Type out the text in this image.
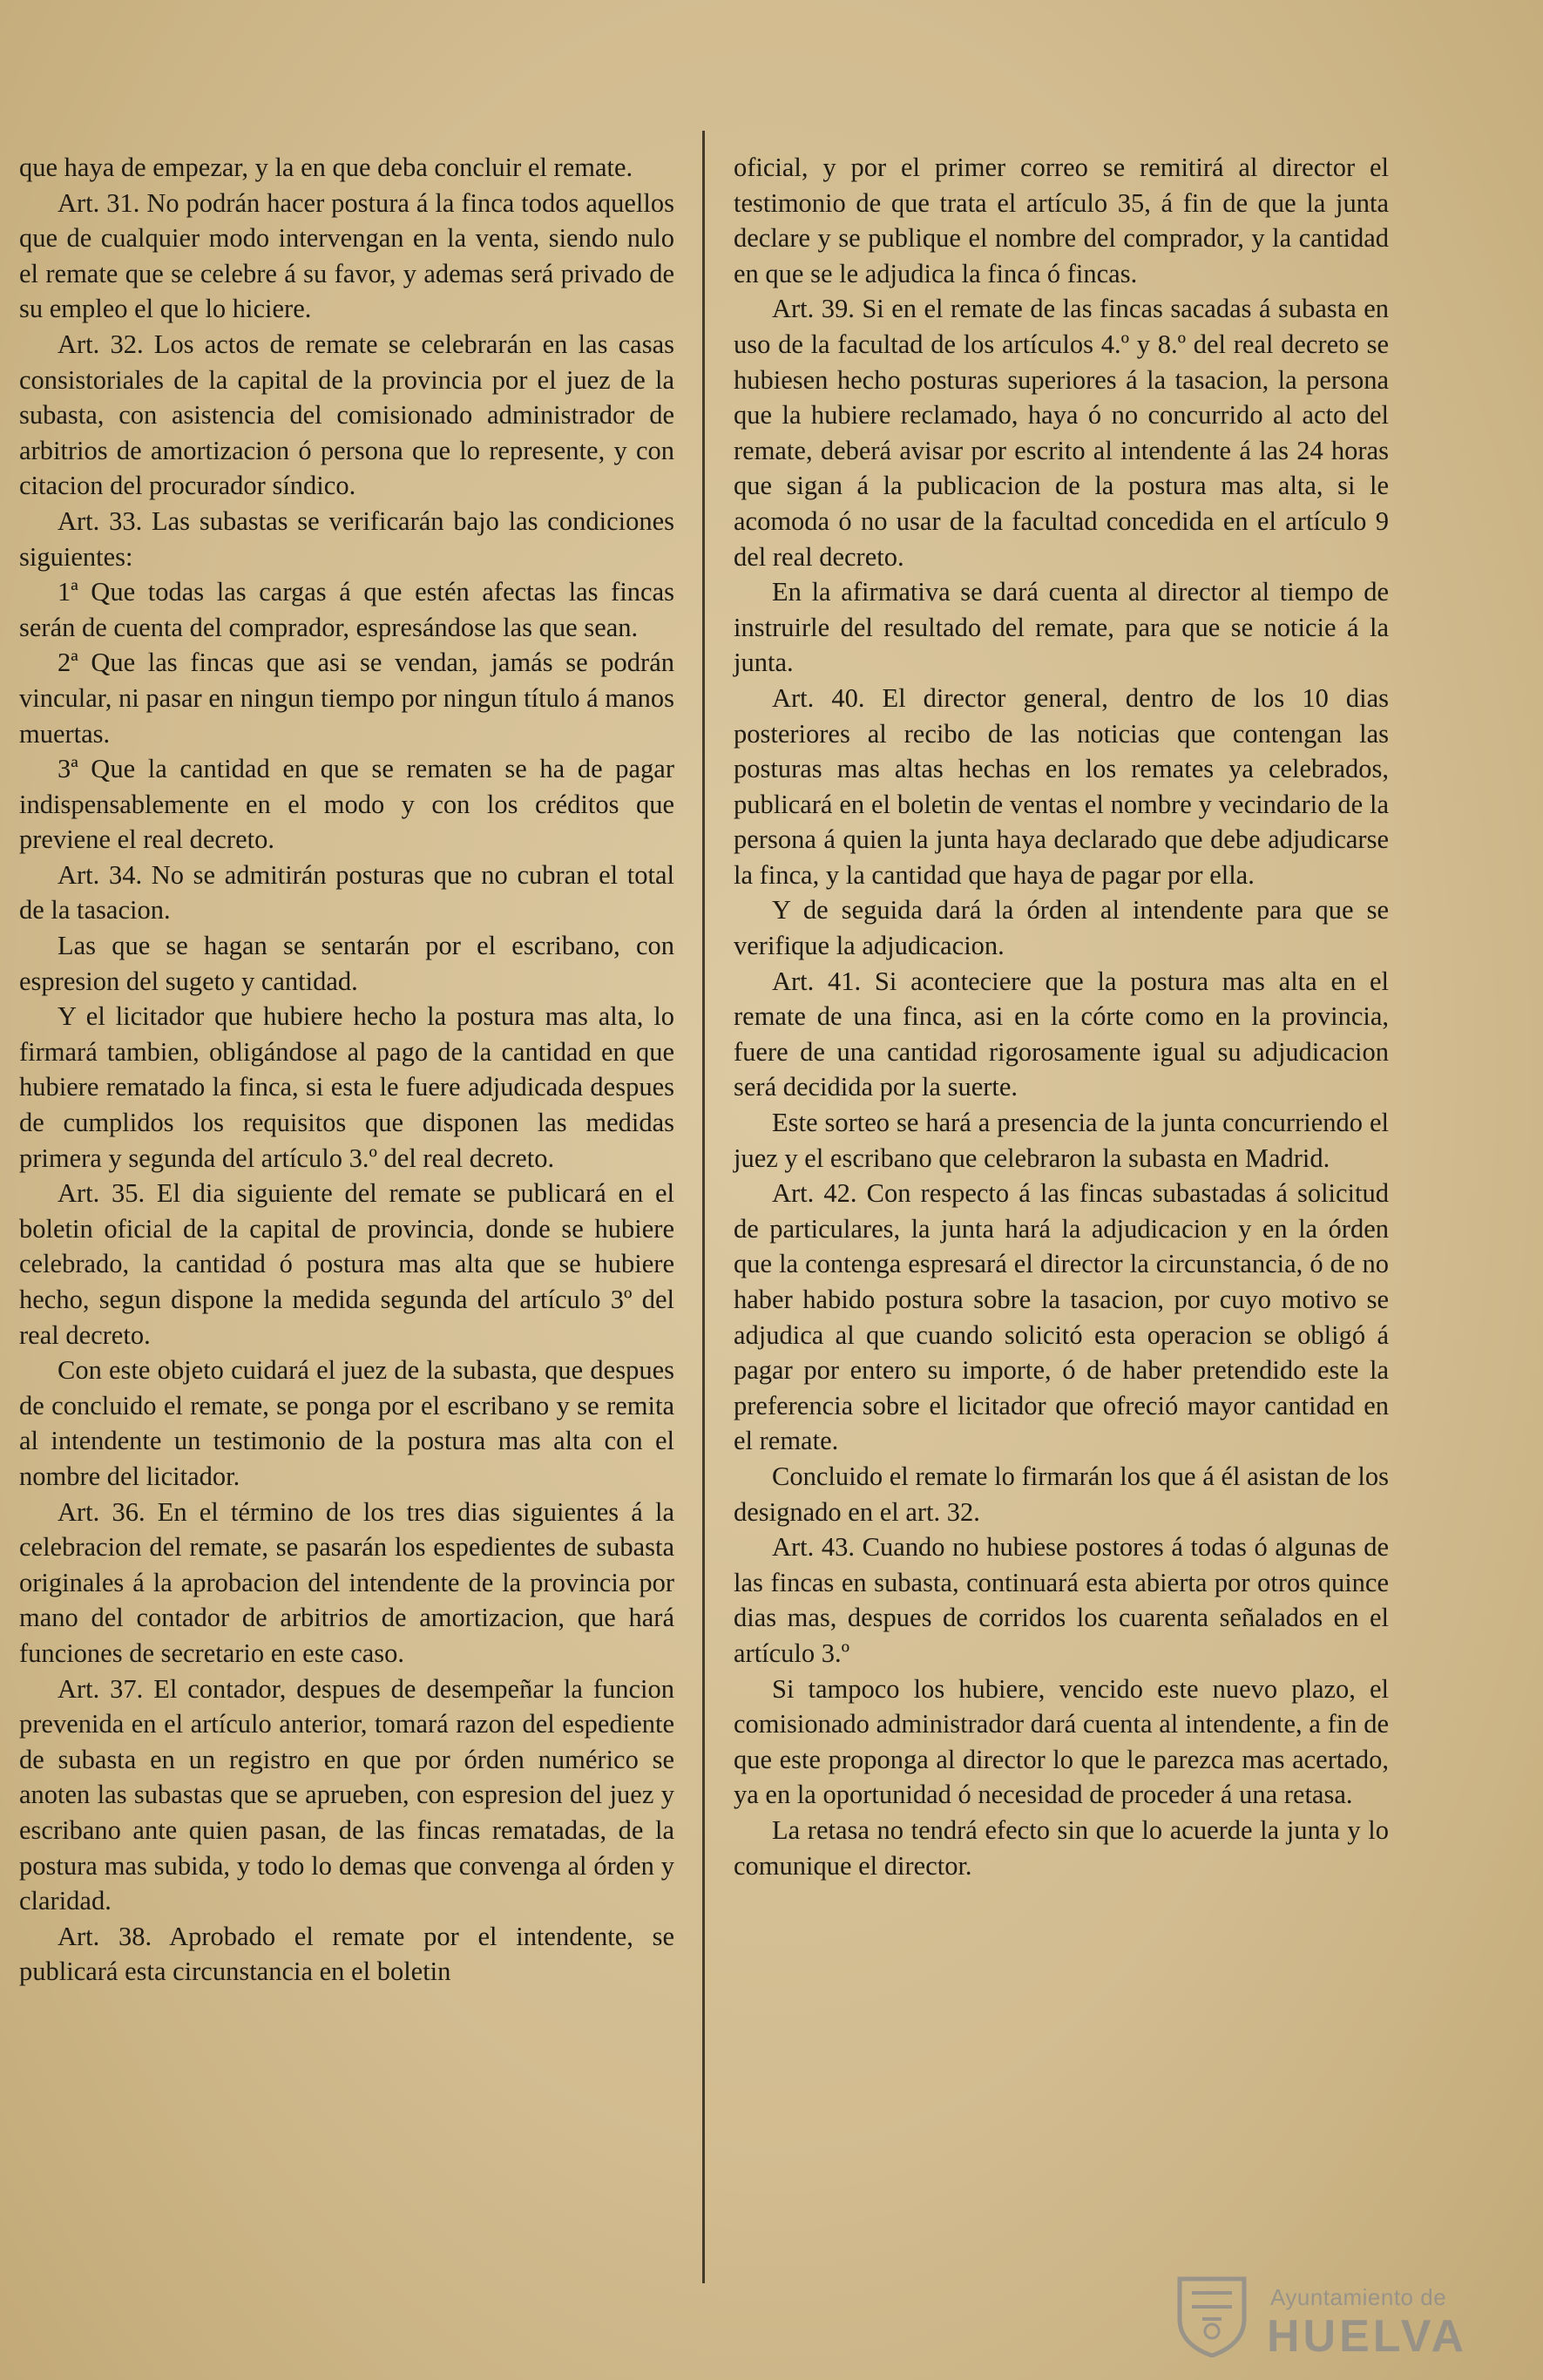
que haya de empezar, y la en que deba concluir el remate.

Art. 31. No podrán hacer postura á la finca todos aquellos que de cualquier modo intervengan en la venta, siendo nulo el remate que se celebre á su favor, y ademas será privado de su empleo el que lo hiciere.

Art. 32. Los actos de remate se celebrarán en las casas consistoriales de la capital de la provincia por el juez de la subasta, con asistencia del comisionado administrador de arbitrios de amortizacion ó persona que lo represente, y con citacion del procurador síndico.

Art. 33. Las subastas se verificarán bajo las condiciones siguientes:

1ª Que todas las cargas á que estén afectas las fincas serán de cuenta del comprador, espresándose las que sean.

2ª Que las fincas que asi se vendan, jamás se podrán vincular, ni pasar en ningun tiempo por ningun título á manos muertas.

3ª Que la cantidad en que se rematen se ha de pagar indispensablemente en el modo y con los créditos que previene el real decreto.

Art. 34. No se admitirán posturas que no cubran el total de la tasacion.

Las que se hagan se sentarán por el escribano, con espresion del sugeto y cantidad.

Y el licitador que hubiere hecho la postura mas alta, lo firmará tambien, obligándose al pago de la cantidad en que hubiere rematado la finca, si esta le fuere adjudicada despues de cumplidos los requisitos que disponen las medidas primera y segunda del artículo 3.º del real decreto.

Art. 35. El dia siguiente del remate se publicará en el boletin oficial de la capital de provincia, donde se hubiere celebrado, la cantidad ó postura mas alta que se hubiere hecho, segun dispone la medida segunda del artículo 3º del real decreto.

Con este objeto cuidará el juez de la subasta, que despues de concluido el remate, se ponga por el escribano y se remita al intendente un testimonio de la postura mas alta con el nombre del licitador.

Art. 36. En el término de los tres dias siguientes á la celebracion del remate, se pasarán los espedientes de subasta originales á la aprobacion del intendente de la provincia por mano del contador de arbitrios de amortizacion, que hará funciones de secretario en este caso.

Art. 37. El contador, despues de desempeñar la funcion prevenida en el artículo anterior, tomará razon del espediente de subasta en un registro en que por órden numérico se anoten las subastas que se aprueben, con espresion del juez y escribano ante quien pasan, de las fincas rematadas, de la postura mas subida, y todo lo demas que convenga al órden y claridad.

Art. 38. Aprobado el remate por el intendente, se publicará esta circunstancia en el boletin

oficial, y por el primer correo se remitirá al director el testimonio de que trata el artículo 35, á fin de que la junta declare y se publique el nombre del comprador, y la cantidad en que se le adjudica la finca ó fincas.

Art. 39. Si en el remate de las fincas sacadas á subasta en uso de la facultad de los artículos 4.º y 8.º del real decreto se hubiesen hecho posturas superiores á la tasacion, la persona que la hubiere reclamado, haya ó no concurrido al acto del remate, deberá avisar por escrito al intendente á las 24 horas que sigan á la publicacion de la postura mas alta, si le acomoda ó no usar de la facultad concedida en el artículo 9 del real decreto.

En la afirmativa se dará cuenta al director al tiempo de instruirle del resultado del remate, para que se noticie á la junta.

Art. 40. El director general, dentro de los 10 dias posteriores al recibo de las noticias que contengan las posturas mas altas hechas en los remates ya celebrados, publicará en el boletin de ventas el nombre y vecindario de la persona á quien la junta haya declarado que debe adjudicarse la finca, y la cantidad que haya de pagar por ella.

Y de seguida dará la órden al intendente para que se verifique la adjudicacion.

Art. 41. Si aconteciere que la postura mas alta en el remate de una finca, asi en la córte como en la provincia, fuere de una cantidad rigorosamente igual su adjudicacion será decidida por la suerte.

Este sorteo se hará a presencia de la junta concurriendo el juez y el escribano que celebraron la subasta en Madrid.

Art. 42. Con respecto á las fincas subastadas á solicitud de particulares, la junta hará la adjudicacion y en la órden que la contenga espresará el director la circunstancia, ó de no haber habido postura sobre la tasacion, por cuyo motivo se adjudica al que cuando solicitó esta operacion se obligó á pagar por entero su importe, ó de haber pretendido este la preferencia sobre el licitador que ofreció mayor cantidad en el remate.

Concluido el remate lo firmarán los que á él asistan de los designado en el art. 32.

Art. 43. Cuando no hubiese postores á todas ó algunas de las fincas en subasta, continuará esta abierta por otros quince dias mas, despues de corridos los cuarenta señalados en el artículo 3.º

Si tampoco los hubiere, vencido este nuevo plazo, el comisionado administrador dará cuenta al intendente, a fin de que este proponga al director lo que le parezca mas acertado, ya en la oportunidad ó necesidad de proceder á una retasa.

La retasa no tendrá efecto sin que lo acuerde la junta y lo comunique el director.

Ayuntamiento de
HUELVA
